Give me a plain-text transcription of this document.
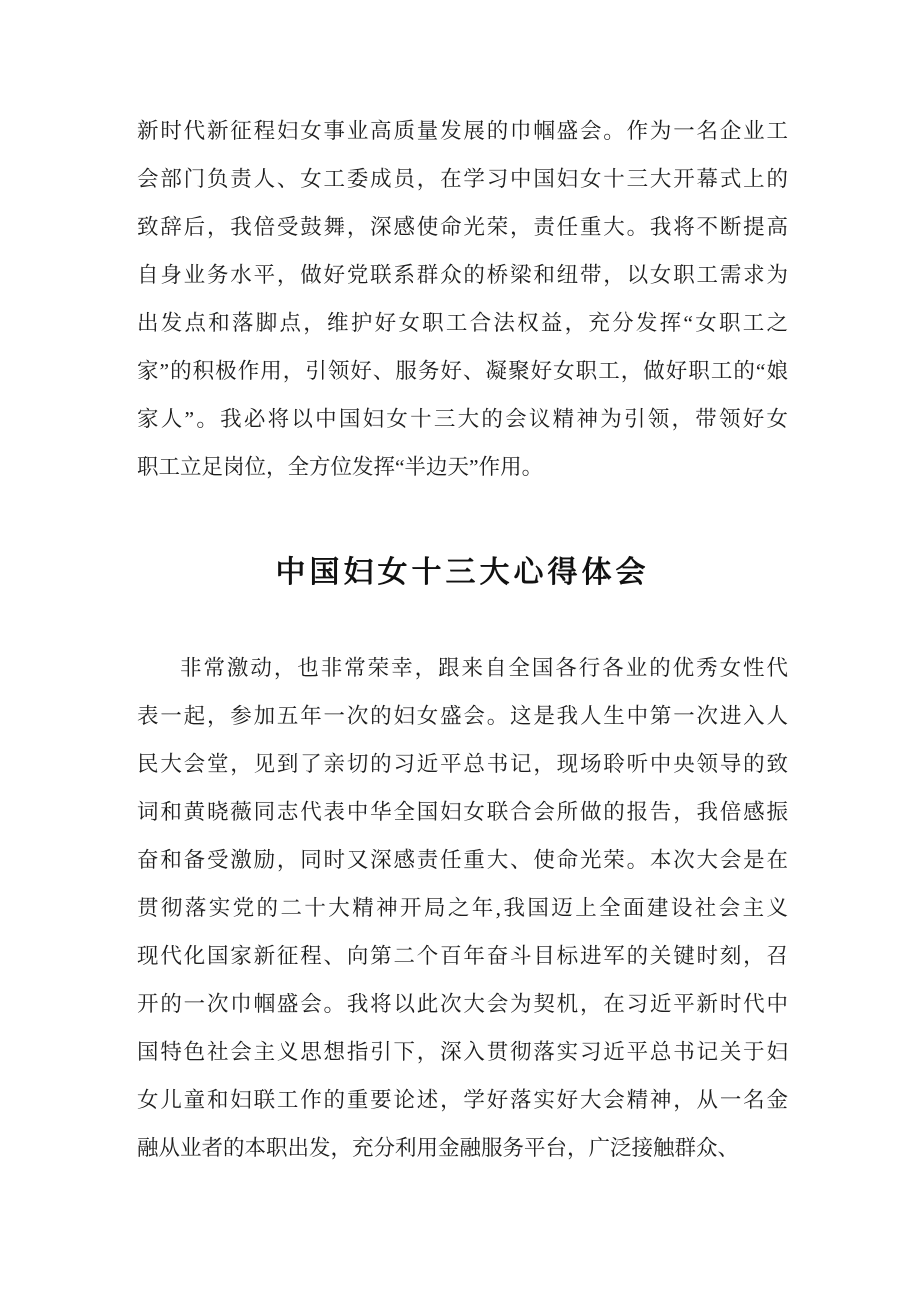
新时代新征程妇女事业高质量发展的巾帼盛会。作为一名企业工
会部门负责人、女工委成员，在学习中国妇女十三大开幕式上的
致辞后，我倍受鼓舞，深感使命光荣，责任重大。我将不断提高
自身业务水平，做好党联系群众的桥梁和纽带，以女职工需求为
出发点和落脚点，维护好女职工合法权益，充分发挥“女职工之
家”的积极作用，引领好、服务好、凝聚好女职工，做好职工的“娘
家人”。我必将以中国妇女十三大的会议精神为引领，带领好女
职工立足岗位，全方位发挥“半边天”作用。
中国妇女十三大心得体会
非常激动，也非常荣幸，跟来自全国各行各业的优秀女性代
表一起，参加五年一次的妇女盛会。这是我人生中第一次进入人
民大会堂，见到了亲切的习近平总书记，现场聆听中央领导的致
词和黄晓薇同志代表中华全国妇女联合会所做的报告，我倍感振
奋和备受激励，同时又深感责任重大、使命光荣。本次大会是在
贯彻落实党的二十大精神开局之年,我国迈上全面建设社会主义
现代化国家新征程、向第二个百年奋斗目标进军的关键时刻，召
开的一次巾帼盛会。我将以此次大会为契机，在习近平新时代中
国特色社会主义思想指引下，深入贯彻落实习近平总书记关于妇
女儿童和妇联工作的重要论述，学好落实好大会精神，从一名金
融从业者的本职出发，充分利用金融服务平台，广泛接触群众、
